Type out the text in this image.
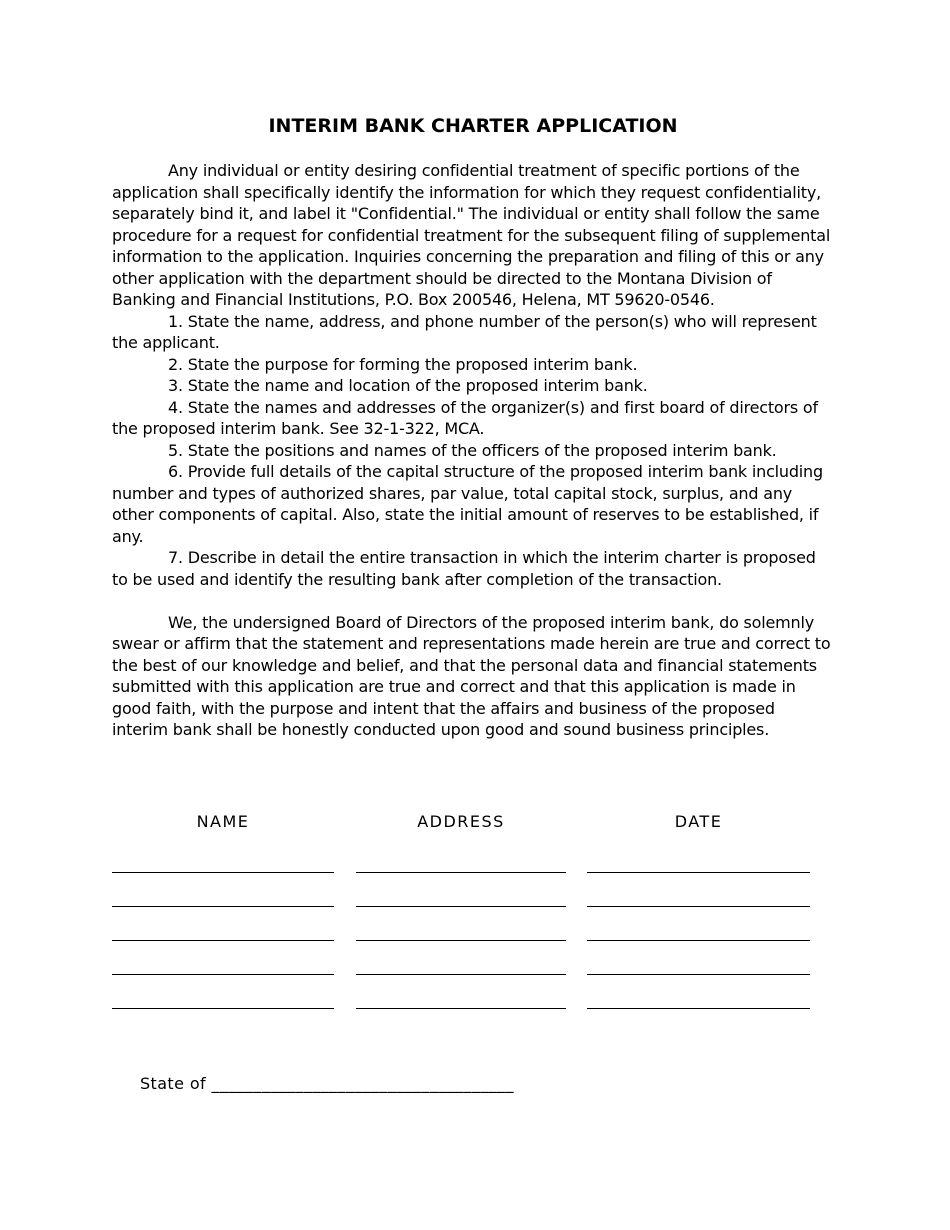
INTERIM BANK CHARTER APPLICATION

Any individual or entity desiring confidential treatment of specific portions of the application shall specifically identify the information for which they request confidentiality, separately bind it, and label it "Confidential." The individual or entity shall follow the same procedure for a request for confidential treatment for the subsequent filing of supplemental information to the application. Inquiries concerning the preparation and filing of this or any other application with the department should be directed to the Montana Division of Banking and Financial Institutions, P.O. Box 200546, Helena, MT 59620-0546.

1. State the name, address, and phone number of the person(s) who will represent the applicant.

2. State the purpose for forming the proposed interim bank.

3. State the name and location of the proposed interim bank.

4. State the names and addresses of the organizer(s) and first board of directors of the proposed interim bank. See 32-1-322, MCA.

5. State the positions and names of the officers of the proposed interim bank.

6. Provide full details of the capital structure of the proposed interim bank including number and types of authorized shares, par value, total capital stock, surplus, and any other components of capital. Also, state the initial amount of reserves to be established, if any.

7. Describe in detail the entire transaction in which the interim charter is proposed to be used and identify the resulting bank after completion of the transaction.

We, the undersigned Board of Directors of the proposed interim bank, do solemnly swear or affirm that the statement and representations made herein are true and correct to the best of our knowledge and belief, and that the personal data and financial statements submitted with this application are true and correct and that this application is made in good faith, with the purpose and intent that the affairs and business of the proposed interim bank shall be honestly conducted upon good and sound business principles.

NAME	ADDRESS	DATE
State of ____________________________________
